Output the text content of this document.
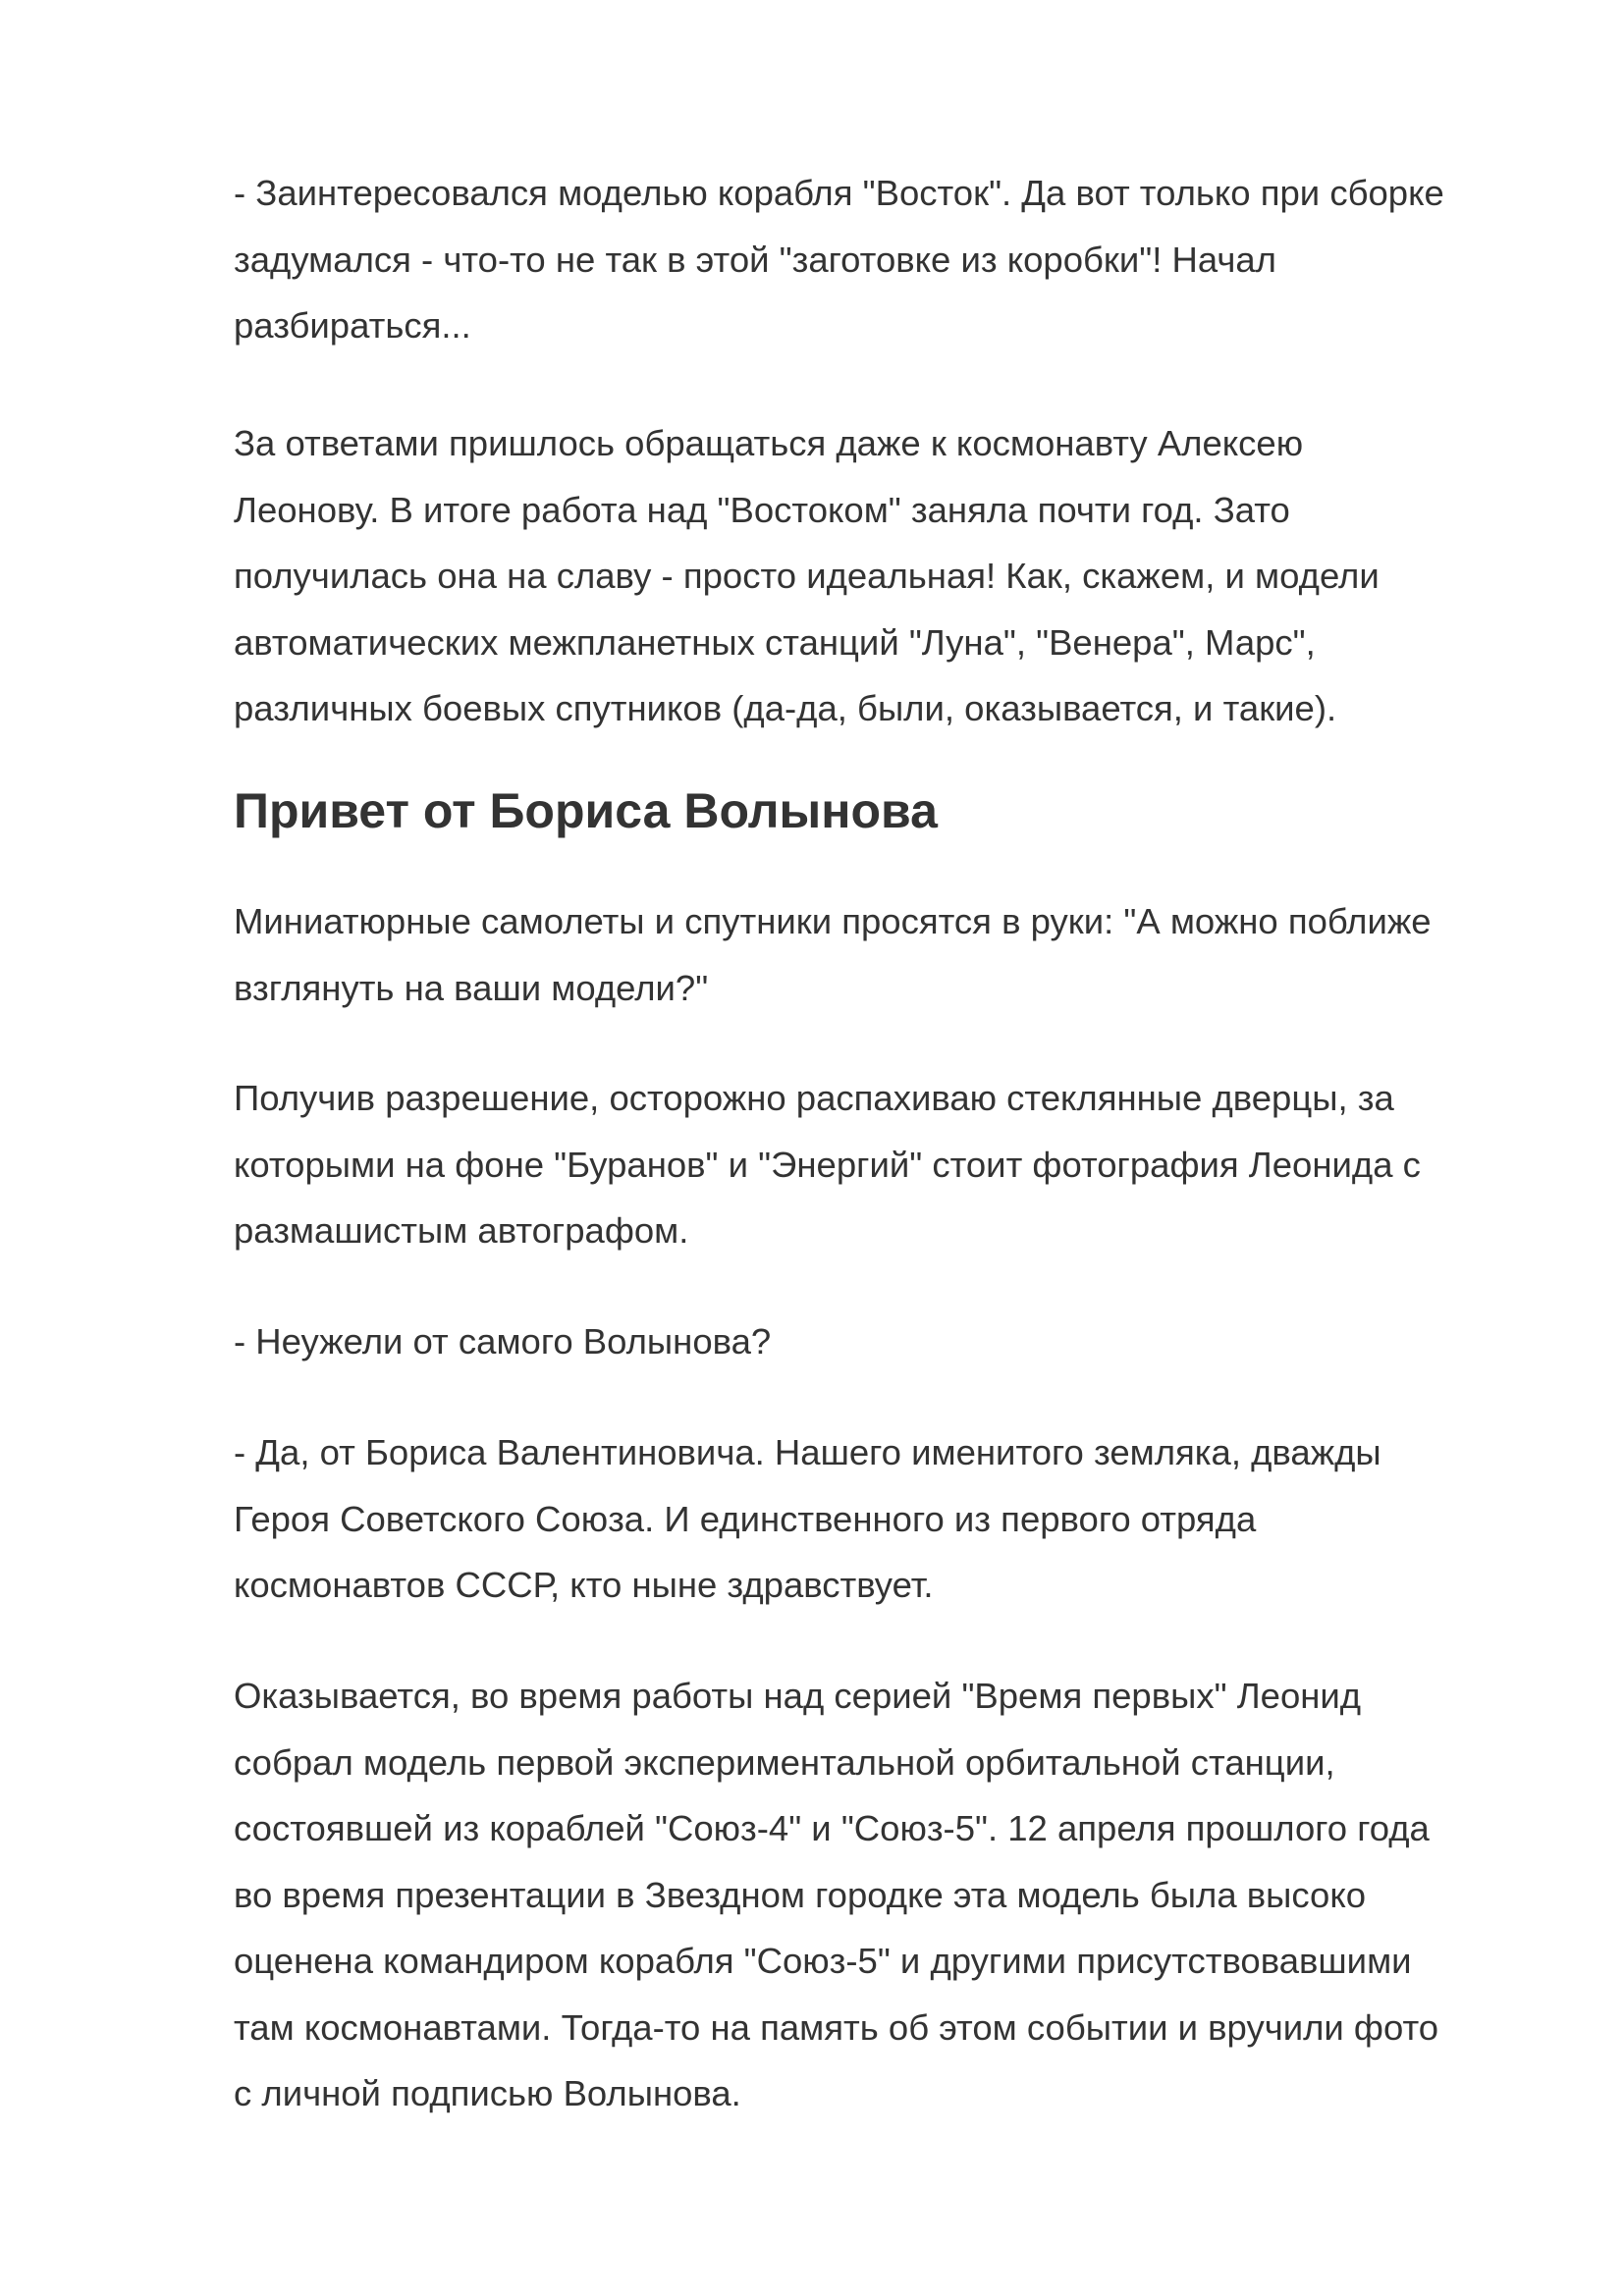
- Заинтересовался моделью корабля "Восток". Да вот только при сборке
задумался - что-то не так в этой "заготовке из коробки"! Начал
разбираться...
За ответами пришлось обращаться даже к космонавту Алексею
Леонову. В итоге работа над "Востоком" заняла почти год. Зато
получилась она на славу - просто идеальная! Как, скажем, и модели
автоматических межпланетных станций "Луна", "Венера", Марс",
различных боевых спутников (да-да, были, оказывается, и такие).
Привет от Бориса Волынова
Миниатюрные самолеты и спутники просятся в руки: "А можно поближе
взглянуть на ваши модели?"
Получив разрешение, осторожно распахиваю стеклянные дверцы, за
которыми на фоне "Буранов" и "Энергий" стоит фотография Леонида с
размашистым автографом.
- Неужели от самого Волынова?
- Да, от Бориса Валентиновича. Нашего именитого земляка, дважды
Героя Советского Союза. И единственного из первого отряда
космонавтов СССР, кто ныне здравствует.
Оказывается, во время работы над серией "Время первых" Леонид
собрал модель первой экспериментальной орбитальной станции,
состоявшей из кораблей "Союз-4" и "Союз-5". 12 апреля прошлого года
во время презентации в Звездном городке эта модель была высоко
оценена командиром корабля "Союз-5" и другими присутствовавшими
там космонавтами. Тогда-то на память об этом событии и вручили фото
с личной подписью Волынова.
